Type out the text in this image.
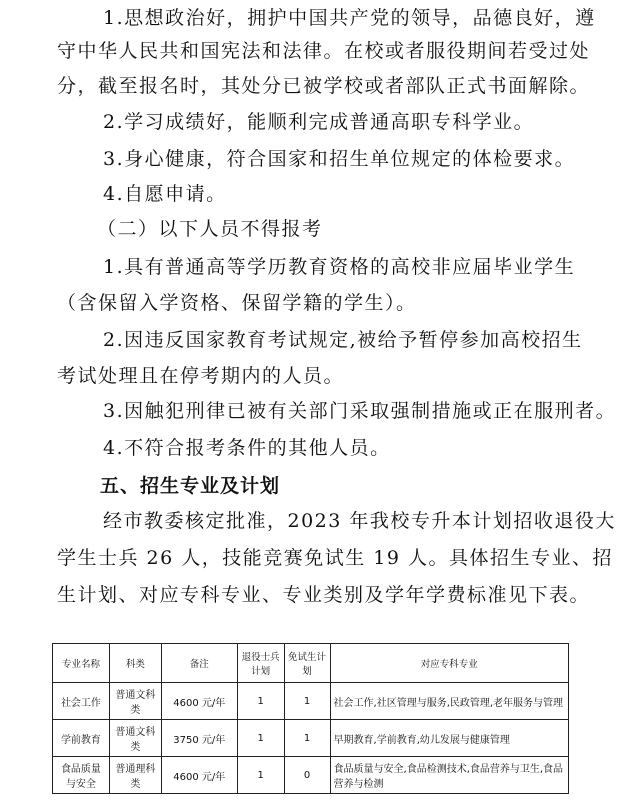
1.思想政治好，拥护中国共产党的领导，品德良好，遵
守中华人民共和国宪法和法律。在校或者服役期间若受过处
分，截至报名时，其处分已被学校或者部队正式书面解除。
2.学习成绩好，能顺利完成普通高职专科学业。
3.身心健康，符合国家和招生单位规定的体检要求。
4.自愿申请。
（二）以下人员不得报考
1.具有普通高等学历教育资格的高校非应届毕业学生
（含保留入学资格、保留学籍的学生）。
2.因违反国家教育考试规定,被给予暂停参加高校招生
考试处理且在停考期内的人员。
3.因触犯刑律已被有关部门采取强制措施或正在服刑者。
4.不符合报考条件的其他人员。
五、招生专业及计划
经市教委核定批准，2023 年我校专升本计划招收退役大
学生士兵 26 人，技能竞赛免试生 19 人。具体招生专业、招
生计划、对应专科专业、专业类别及学年学费标准见下表。
专业名称	科类	备注	退役士兵计划	免试生计划	对应专科专业
社会工作	普通文科类	4600 元/年	1	1	社会工作,社区管理与服务,民政管理,老年服务与管理
学前教育	普通文科类	3750 元/年	1	1	早期教育,学前教育,幼儿发展与健康管理
食品质量与安全	普通理科类	4600 元/年	1	0	食品质量与安全,食品检测技术,食品营养与卫生,食品营养与检测
